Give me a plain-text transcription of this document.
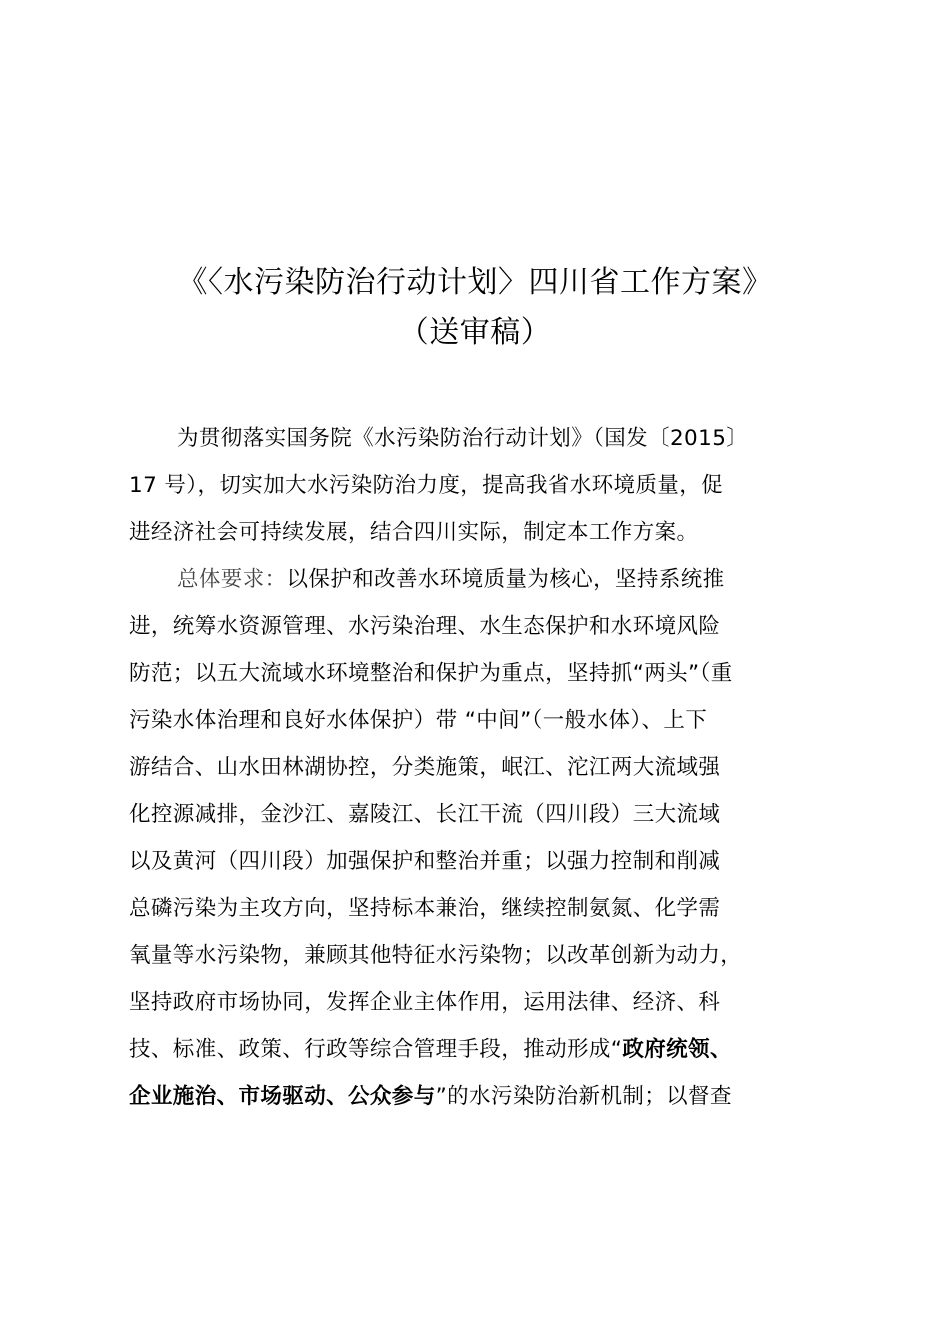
《〈水污染防治行动计划〉四川省工作方案》
（送审稿）
为贯彻落实国务院《水污染防治行动计划》（国发〔2015〕
17 号），切实加大水污染防治力度，提高我省水环境质量，促
进经济社会可持续发展，结合四川实际，制定本工作方案。
总体要求：以保护和改善水环境质量为核心，坚持系统推
进，统筹水资源管理、水污染治理、水生态保护和水环境风险
防范；以五大流域水环境整治和保护为重点，坚持抓“两头”（重
污染水体治理和良好水体保护）带 “中间”（一般水体）、上下
游结合、山水田林湖协控，分类施策，岷江、沱江两大流域强
化控源减排，金沙江、嘉陵江、长江干流（四川段）三大流域
以及黄河（四川段）加强保护和整治并重；以强力控制和削减
总磷污染为主攻方向，坚持标本兼治，继续控制氨氮、化学需
氧量等水污染物，兼顾其他特征水污染物；以改革创新为动力，
坚持政府市场协同，发挥企业主体作用，运用法律、经济、科
技、标准、政策、行政等综合管理手段，推动形成“政府统领、
企业施治、市场驱动、公众参与”的水污染防治新机制；以督查
